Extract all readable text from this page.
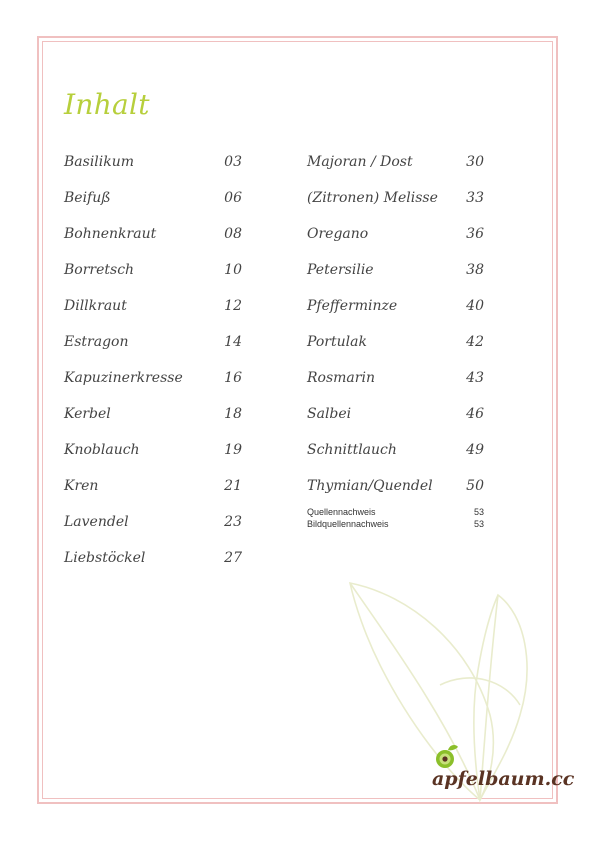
Inhalt
Basilikum	03
Beifuß	06
Bohnenkraut	08
Borretsch	10
Dillkraut	12
Estragon	14
Kapuzinerkresse	16
Kerbel	18
Knoblauch	19
Kren	21
Lavendel	23
Liebstöckel	27
Majoran / Dost	30
(Zitronen) Melisse 33
Oregano	36
Petersilie	38
Pfefferminze	40
Portulak	42
Rosmarin	43
Salbei	46
Schnittlauch	49
Thymian/Quendel 50
Quellennachweis	53
Bildquellennachweis	53
apfelbaum.cc
